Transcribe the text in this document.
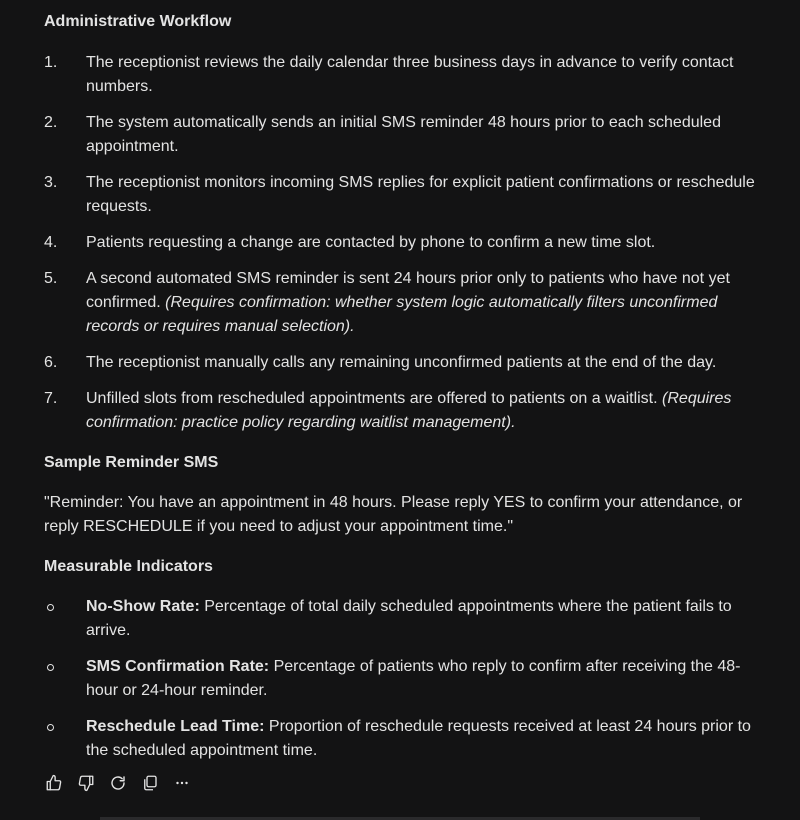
Administrative Workflow
1.	The receptionist reviews the daily calendar three business days in advance to verify contact numbers.
2.	The system automatically sends an initial SMS reminder 48 hours prior to each scheduled appointment.
3.	The receptionist monitors incoming SMS replies for explicit patient confirmations or reschedule requests.
4.	Patients requesting a change are contacted by phone to confirm a new time slot.
5.	A second automated SMS reminder is sent 24 hours prior only to patients who have not yet confirmed. (Requires confirmation: whether system logic automatically filters unconfirmed records or requires manual selection).
6.	The receptionist manually calls any remaining unconfirmed patients at the end of the day.
7.	Unfilled slots from rescheduled appointments are offered to patients on a waitlist. (Requires confirmation: practice policy regarding waitlist management).
Sample Reminder SMS

"Reminder: You have an appointment in 48 hours. Please reply YES to confirm your attendance, or reply RESCHEDULE if you need to adjust your appointment time."

Measurable Indicators
No-Show Rate: Percentage of total daily scheduled appointments where the patient fails to arrive.
SMS Confirmation Rate: Percentage of patients who reply to confirm after receiving the 48-hour or 24-hour reminder.
Reschedule Lead Time: Proportion of reschedule requests received at least 24 hours prior to the scheduled appointment time.
